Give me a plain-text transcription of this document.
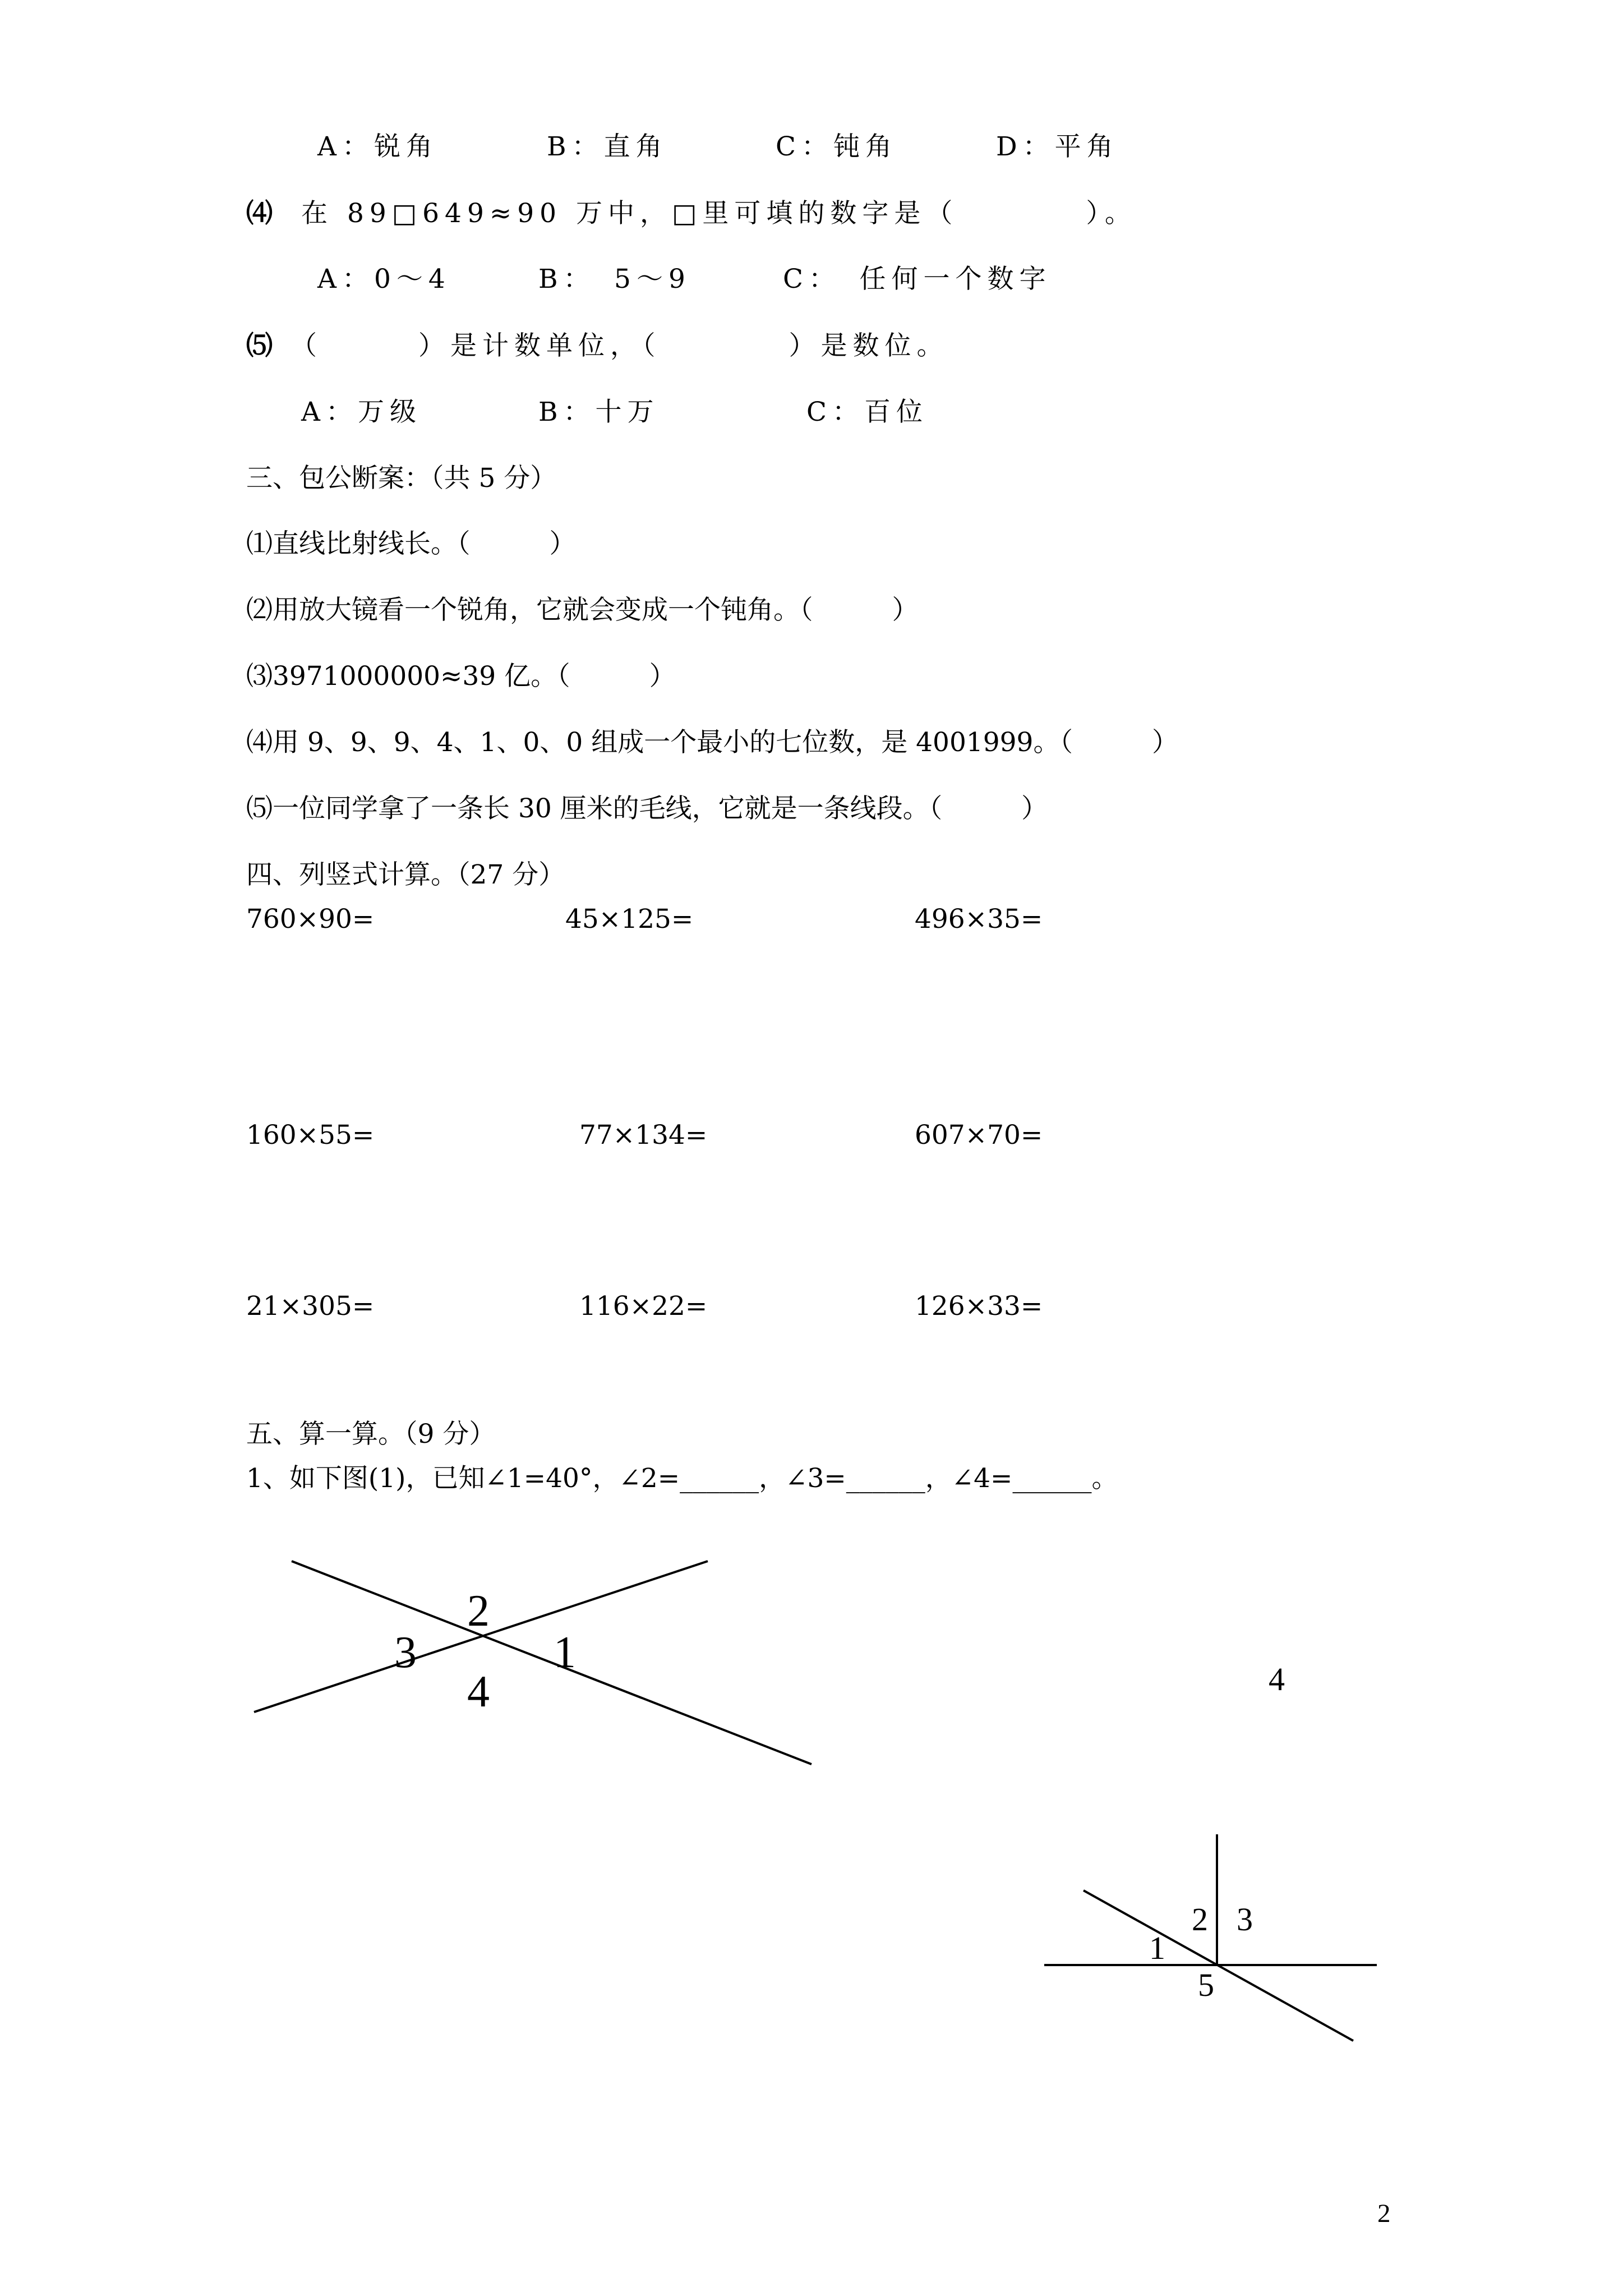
A：锐角	B：直角	C：钝角	D：平角
⑷ 在 89□649≈90 万中，□里可填的数字是（　　　　）。
A：0～4	B：　5～9	C：　任何一个数字
⑸ （　　　）是计数单位，（　　　　）是数位。
A：万级	B：十万	C：百位
三、包公断案：（共 5 分）
⑴直线比射线长。（　　　）
⑵用放大镜看一个锐角，它就会变成一个钝角。（　　　）
⑶3971000000≈39 亿。（　　　）
⑷用 9、9、9、4、1、0、0 组成一个最小的七位数，是 4001999。（　　　）
⑸一位同学拿了一条长 30 厘米的毛线，它就是一条线段。（　　　）
四、列竖式计算。（27 分）
760×90=	45×125=	496×35=
160×55=	77×134=	607×70=
21×305=	116×22=	126×33=
五、算一算。（9 分）
1、如下图(1)，已知∠1=40°，∠2=______，∠3=______，∠4=______。
2
3	1
4	4
2 3
1
5
2
